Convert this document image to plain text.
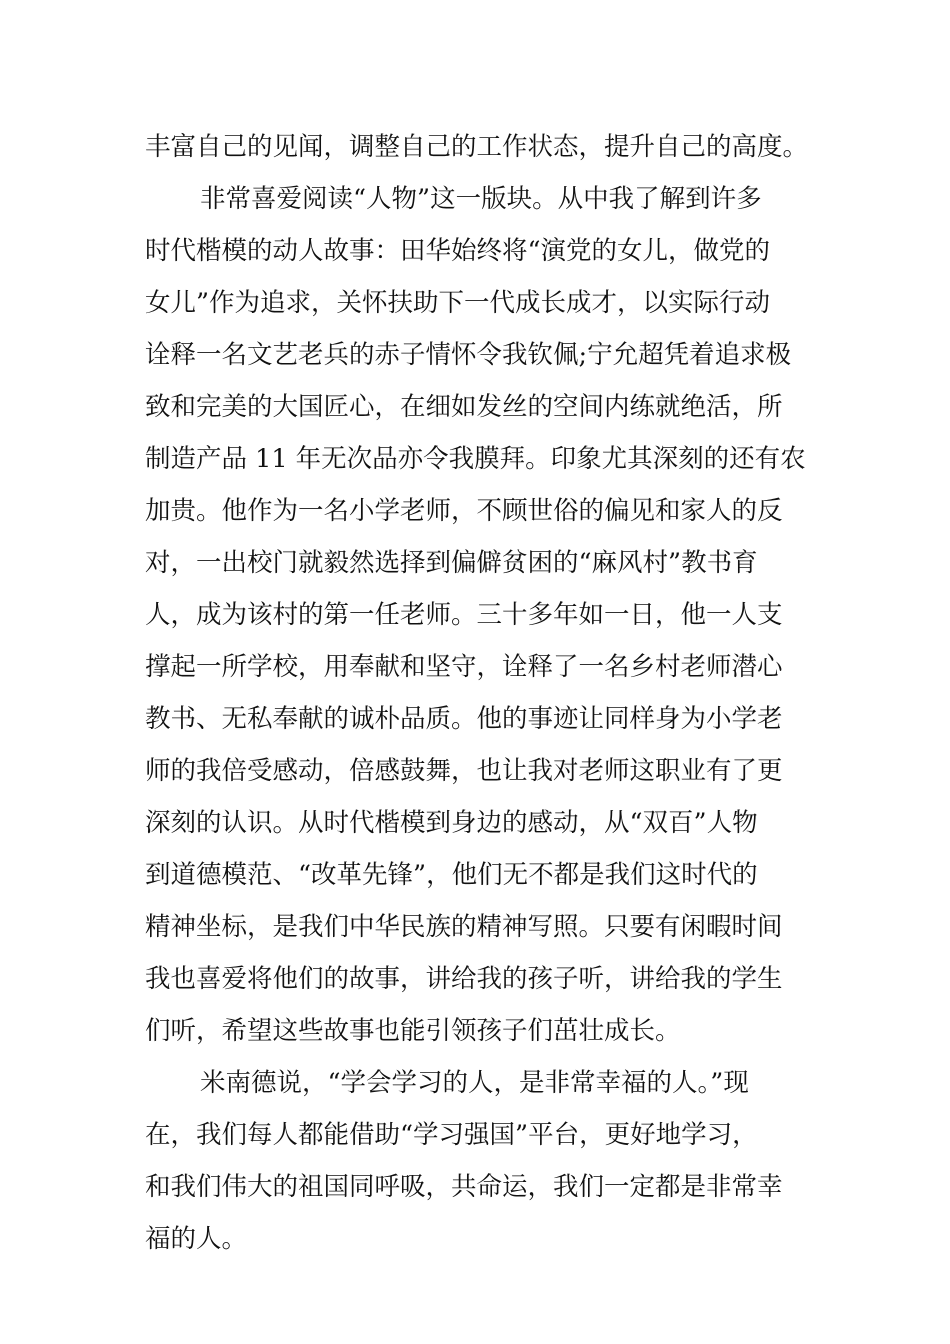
丰富自己的见闻，调整自己的工作状态，提升自己的高度。
非常喜爱阅读“人物”这一版块。从中我了解到许多
时代楷模的动人故事：田华始终将“演党的女儿，做党的
女儿”作为追求，关怀扶助下一代成长成才，以实际行动
诠释一名文艺老兵的赤子情怀令我钦佩;宁允超凭着追求极
致和完美的大国匠心，在细如发丝的空间内练就绝活，所
制造产品 11 年无次品亦令我膜拜。印象尤其深刻的还有农
加贵。他作为一名小学老师，不顾世俗的偏见和家人的反
对，一出校门就毅然选择到偏僻贫困的“麻风村”教书育
人，成为该村的第一任老师。三十多年如一日，他一人支
撑起一所学校，用奉献和坚守，诠释了一名乡村老师潜心
教书、无私奉献的诚朴品质。他的事迹让同样身为小学老
师的我倍受感动，倍感鼓舞，也让我对老师这职业有了更
深刻的认识。从时代楷模到身边的感动，从“双百”人物
到道德模范、“改革先锋”，他们无不都是我们这时代的
精神坐标，是我们中华民族的精神写照。只要有闲暇时间
我也喜爱将他们的故事，讲给我的孩子听，讲给我的学生
们听，希望这些故事也能引领孩子们茁壮成长。
米南德说，“学会学习的人，是非常幸福的人。”现
在，我们每人都能借助“学习强国”平台，更好地学习，
和我们伟大的祖国同呼吸，共命运，我们一定都是非常幸
福的人。
